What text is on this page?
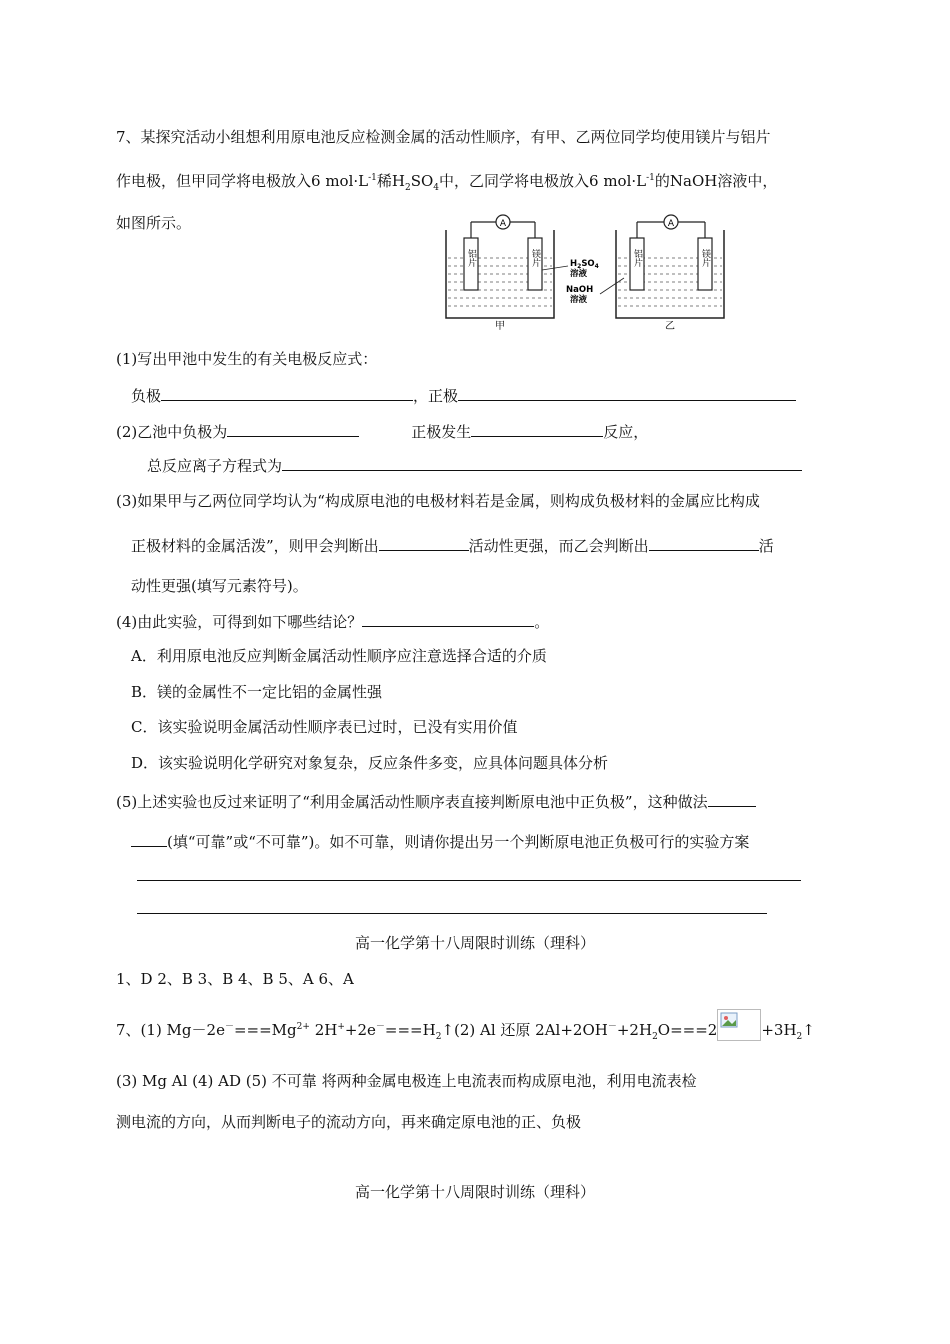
7、某探究活动小组想利用原电池反应检测金属的活动性顺序，有甲、乙两位同学均使用镁片与铝片
作电极，但甲同学将电极放入6 $mol\cdot L^{-1}$稀$H_2SO_4$中，乙同学将电极放入6 $mol\cdot L^{-1}$的NaOH溶液中，
如图所示。	A
铝片	镁片
甲
$H_2SO_4$
溶液
NaOH
溶液
A
铝片	镁片
乙
(1)写出甲池中发生的有关电极反应式：
负极	，正极
(2)乙池中负极为	正极发生	反应，
总反应离子方程式为
(3)如果甲与乙两位同学均认为“构成原电池的电极材料若是金属，则构成负极材料的金属应比构成
正极材料的金属活泼”，则甲会判断出	活动性更强，而乙会判断出	活
动性更强(填写元素符号)。
(4)由此实验，可得到如下哪些结论？	。
A．利用原电池反应判断金属活动性顺序应注意选择合适的介质
B．镁的金属性不一定比铝的金属性强
C．该实验说明金属活动性顺序表已过时，已没有实用价值
D．该实验说明化学研究对象复杂，反应条件多变，应具体问题具体分析
(5)上述实验也反过来证明了“利用金属活动性顺序表直接判断原电池中正负极”，这种做法
(填“可靠”或“不可靠”)。如不可靠，则请你提出另一个判断原电池正负极可行的实验方案
高一化学第十八周限时训练（理科）
1、D 2、B 3、B 4、B 5、A 6、A
7、(1) $Mg-2e^-===Mg^{2+}$ $2H^++2e^-===H_2↑(2)$ Al 还原 $2Al+2OH^-+2H_2O===2$	$+3H_2↑$
(3) Mg Al (4) AD (5) 不可靠 将两种金属电极连上电流表而构成原电池，利用电流表检
测电流的方向，从而判断电子的流动方向，再来确定原电池的正、负极
高一化学第十八周限时训练（理科）
